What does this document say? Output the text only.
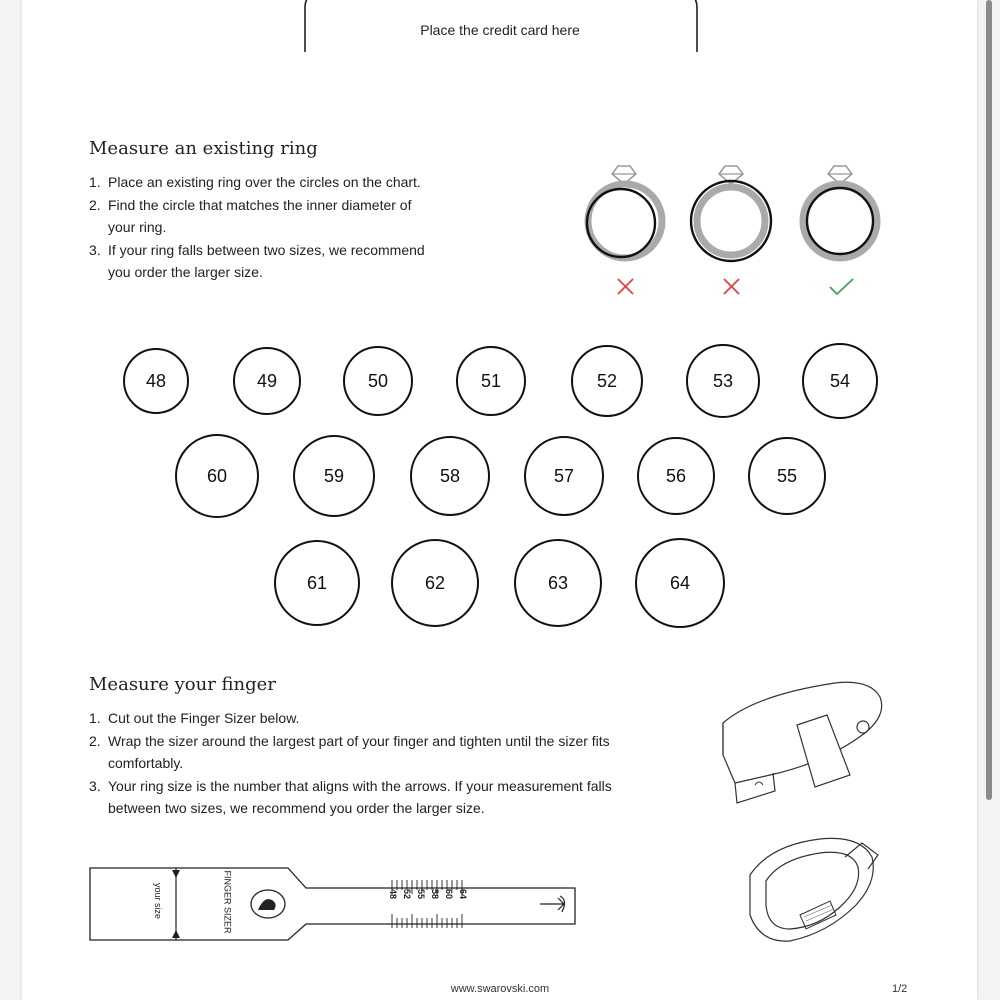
Place the credit card here
Measure an existing ring
1. Place an existing ring over the circles on the chart.
2. Find the circle that matches the inner diameter of
your ring.
3. If your ring falls between two sizes, we recommend
you order the larger size.
48	49	50	51	52	53	54
60	59	58	57	56	55
61	62	63	64
Measure your finger
1. Cut out the Finger Sizer below.
2. Wrap the sizer around the largest part of your finger and tighten until the sizer fits
comfortably.
3. Your ring size is the number that aligns with the arrows. If your measurement falls
between two sizes, we recommend you order the larger size.
your size	FINGER SIZER	64
60
58
55
52
48
www.swarovski.com	1/2
